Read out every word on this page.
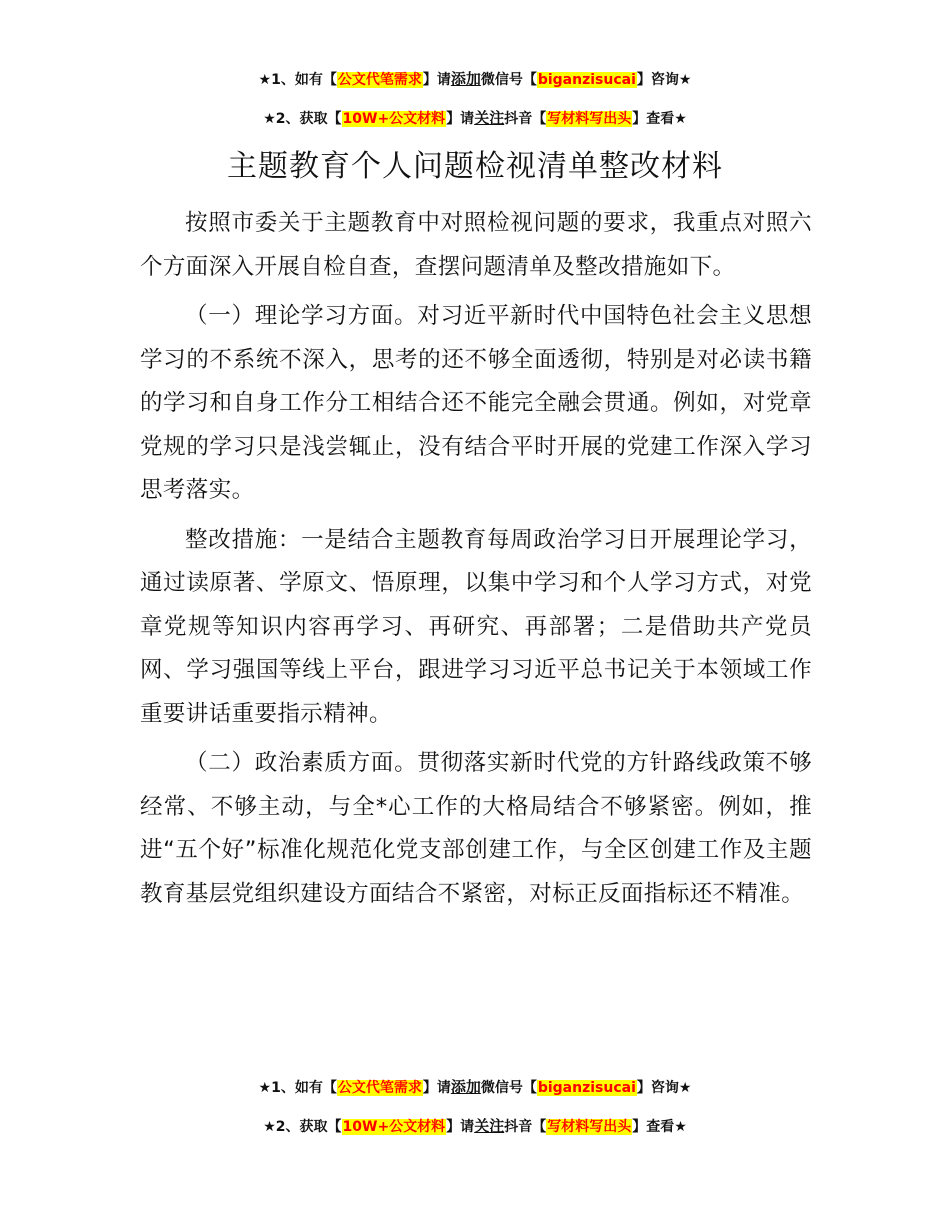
★1、如有【公文代笔需求】请添加微信号【biganzisucai】咨询★
★2、获取【10W+公文材料】请关注抖音【写材料写出头】查看★
主题教育个人问题检视清单整改材料

按照市委关于主题教育中对照检视问题的要求，我重点对照六个方面深入开展自检自查，查摆问题清单及整改措施如下。

（一）理论学习方面。对习近平新时代中国特色社会主义思想学习的不系统不深入，思考的还不够全面透彻，特别是对必读书籍的学习和自身工作分工相结合还不能完全融会贯通。例如，对党章党规的学习只是浅尝辄止，没有结合平时开展的党建工作深入学习思考落实。

整改措施：一是结合主题教育每周政治学习日开展理论学习，通过读原著、学原文、悟原理，以集中学习和个人学习方式，对党章党规等知识内容再学习、再研究、再部署；二是借助共产党员网、学习强国等线上平台，跟进学习习近平总书记关于本领域工作重要讲话重要指示精神。

（二）政治素质方面。贯彻落实新时代党的方针路线政策不够经常、不够主动，与全*心工作的大格局结合不够紧密。例如，推进“五个好”标准化规范化党支部创建工作，与全区创建工作及主题教育基层党组织建设方面结合不紧密，对标正反面指标还不精准。

★1、如有【公文代笔需求】请添加微信号【biganzisucai】咨询★
★2、获取【10W+公文材料】请关注抖音【写材料写出头】查看★
